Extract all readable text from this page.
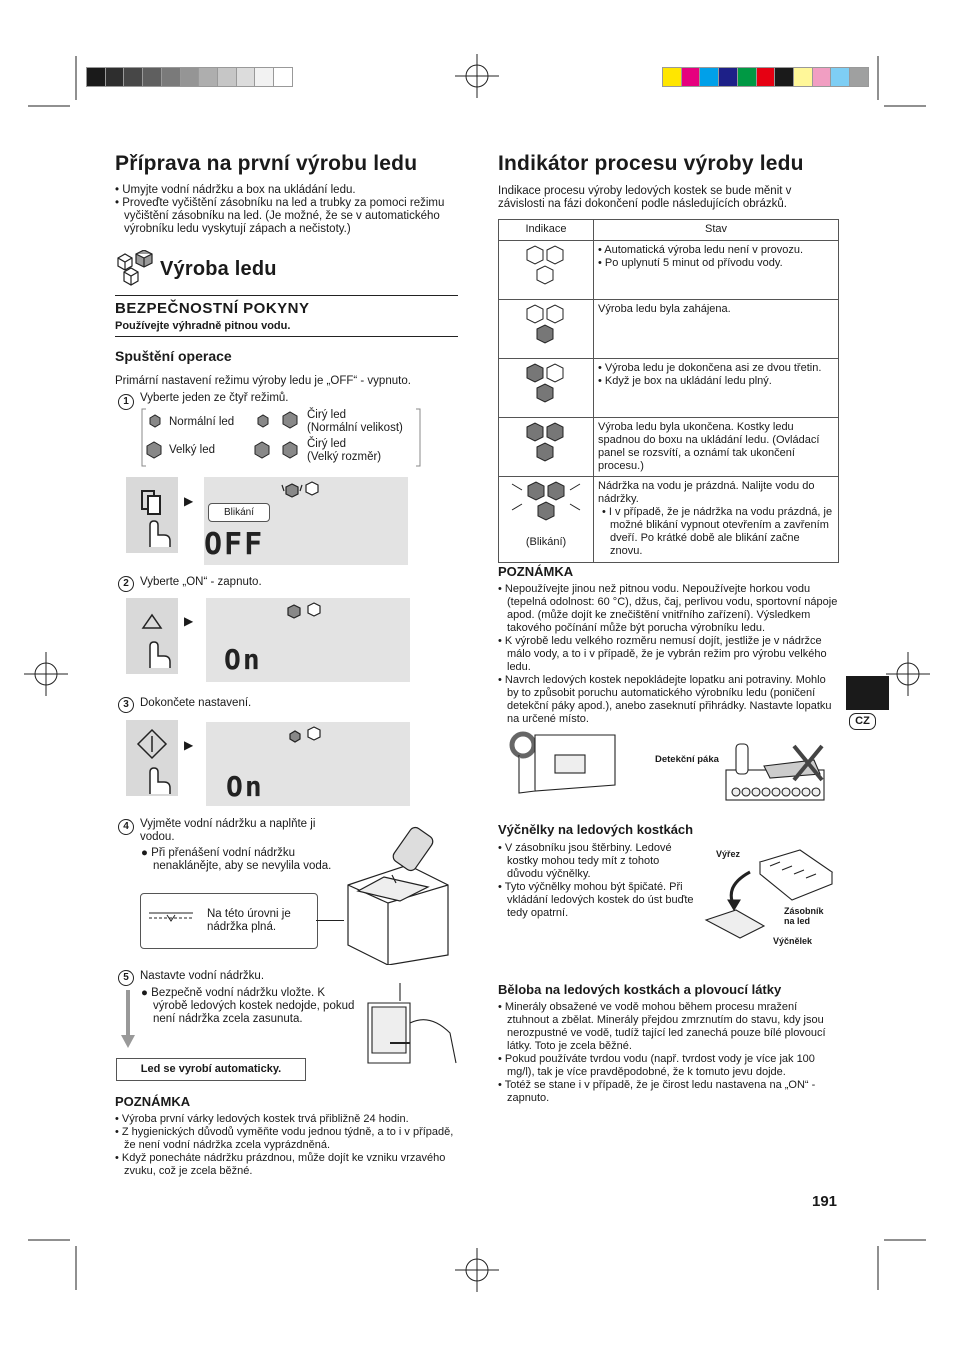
Příprava na první výrobu ledu
• Umyjte vodní nádržku a box na ukládání ledu.
• Proveďte vyčištění zásobníku na led a trubky za pomoci režimu vyčištění zásobníku na led. (Je možné, že se v automatického výrobníku ledu vyskytují zápach a nečistoty.)
Výroba ledu
BEZPEČNOSTNÍ POKYNY
Používejte výhradně pitnou vodu.
Spuštění operace
Primární nastavení režimu výroby ledu je „OFF“ - vypnuto.
1 Vyberte jeden ze čtyř režimů.
Normální led
Velký led
Čirý led
(Normální velikost)
Čirý led
(Velký rozměr)
▶
Blikání
OFF
2 Vyberte „ON“ - zapnuto.
▶
On
3 Dokončete nastavení.
▶
On
4 Vyjměte vodní nádržku a naplňte ji vodou.
● Při přenášení vodní nádržku nenaklánějte, aby se nevylila voda.
Na této úrovni je nádržka plná.
5 Nastavte vodní nádržku.
● Bezpečně vodní nádržku vložte. K výrobě ledových kostek nedojde, pokud není nádržka zcela zasunuta.
Led se vyrobí automaticky.
POZNÁMKA
• Výroba první várky ledových kostek trvá přibližně 24 hodin.
• Z hygienických důvodů vyměňte vodu jednou týdně, a to i v případě, že není vodní nádržka zcela vyprázdněná.
• Když ponecháte nádržku prázdnou, může dojít ke vzniku vrzavého zvuku, což je zcela běžné.
Indikátor procesu výroby ledu
Indikace procesu výroby ledových kostek se bude měnit v závislosti na fázi dokončení podle následujících obrázků.
Indikace	Stav

• Automatická výroba ledu není v provozu.
• Po uplynutí 5 minut od přívodu vody.

	Výroba ledu byla zahájena.

• Výroba ledu je dokončena asi ze dvou třetin.
• Když je box na ukládání ledu plný.

	Výroba ledu byla ukončena. Kostky ledu spadnou do boxu na ukládání ledu. (Ovládací panel se rozsvítí, a oznámí tak ukončení procesu.)

(Blikání)	Nádržka na vodu je prázdná. Nalijte vodu do nádržky.
• I v případě, že je nádržka na vodu prázdná, je možné blikání vypnout otevřením a zavřením dveří. Po krátké době ale blikání začne znovu.
POZNÁMKA
• Nepoužívejte jinou než pitnou vodu. Nepoužívejte horkou vodu (tepelná odolnost: 60 °C), džus, čaj, perlivou vodu, sportovní nápoje apod. (může dojít ke znečištění vnitřního zařízení). Výsledkem takového počínání může být porucha výrobníku ledu.
• K výrobě ledu velkého rozměru nemusí dojít, jestliže je v nádržce málo vody, a to i v případě, že je vybrán režim pro výrobu velkého ledu.
• Navrch ledových kostek nepokládejte lopatku ani potraviny. Mohlo by to způsobit poruchu automatického výrobníku ledu (poničení detekční páky apod.), anebo zaseknutí přihrádky. Nastavte lopatku na určené místo.
Detekční páka
Výčnělky na ledových kostkách
• V zásobníku jsou štěrbiny. Ledové kostky mohou tedy mít z tohoto důvodu výčnělky.
• Tyto výčnělky mohou být špičaté. Při vkládání ledových kostek do úst buďte tedy opatrní.
Výřez
Zásobník na led
Výčnělek
Běloba na ledových kostkách a plovoucí látky
• Minerály obsažené ve vodě mohou během procesu mražení ztuhnout a zbělat. Minerály přejdou zmrznutím do stavu, kdy jsou nerozpustné ve vodě, tudíž tající led zanechá pouze bílé plovoucí látky. Toto je zcela běžné.
• Pokud používáte tvrdou vodu (např. tvrdost vody je více jak 100 mg/l), tak je více pravděpodobné, že k tomuto jevu dojde.
• Totéž se stane i v případě, že je čirost ledu nastavena na „ON“ - zapnuto.
CZ
191
